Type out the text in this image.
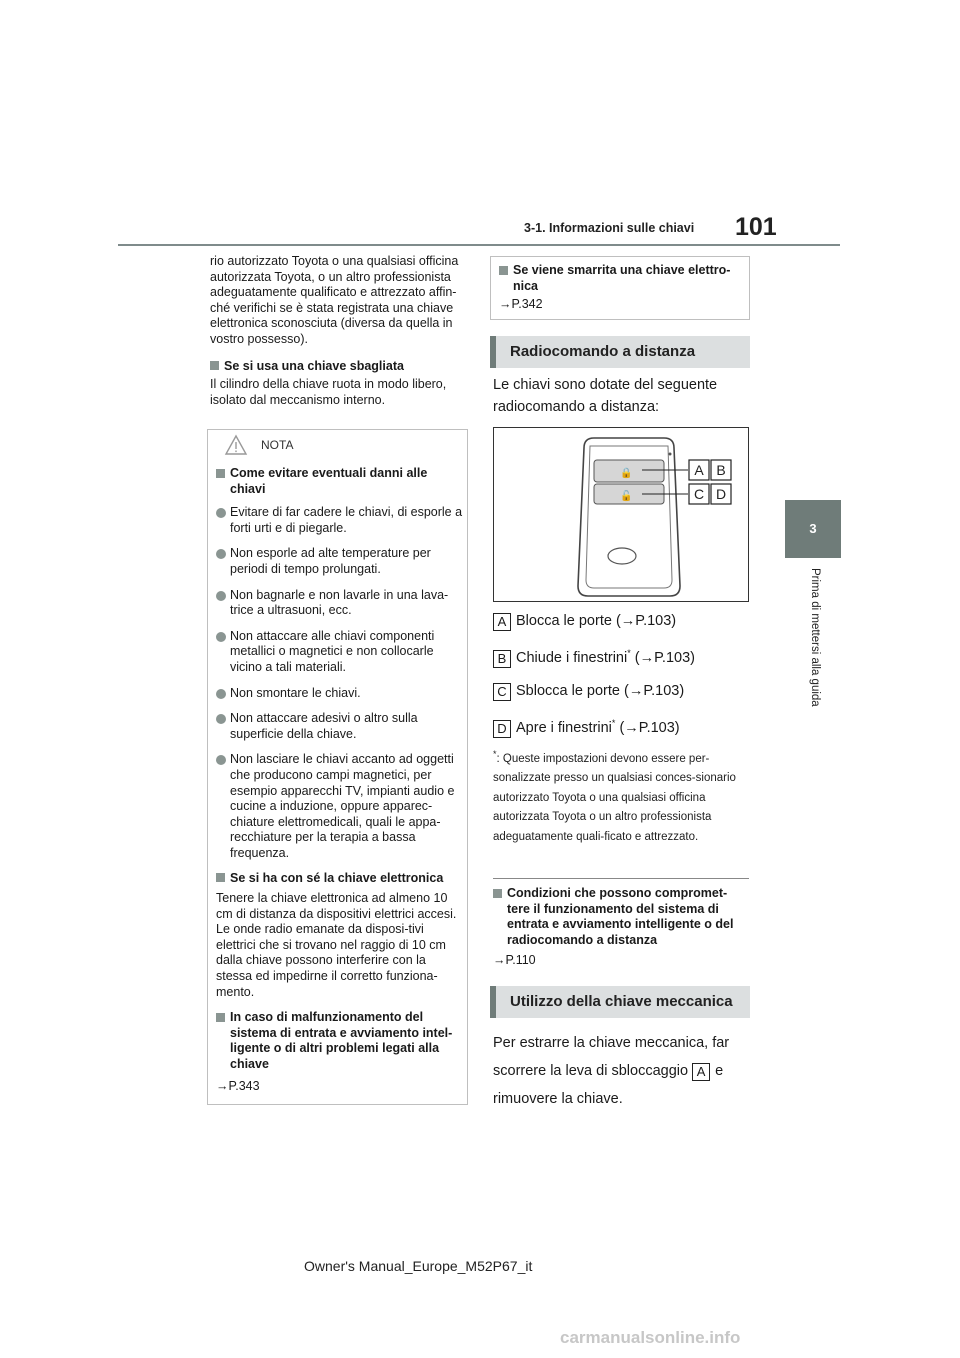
3-1. Informazioni sulle chiavi 101
3
Prima di mettersi alla guida
rio autorizzato Toyota o una qualsiasi officina autorizzata Toyota, o un altro professionista adeguatamente qualificato e attrezzato affin-ché verifichi se è stata registrata una chiave elettronica sconosciuta (diversa da quella in vostro possesso).
Se si usa una chiave sbagliata
Il cilindro della chiave ruota in modo libero, isolato dal meccanismo interno.
NOTA
Come evitare eventuali danni alle chiavi
Evitare di far cadere le chiavi, di esporle a forti urti e di piegarle.
Non esporle ad alte temperature per periodi di tempo prolungati.
Non bagnarle e non lavarle in una lava-trice a ultrasuoni, ecc.
Non attaccare alle chiavi componenti metallici o magnetici e non collocarle vicino a tali materiali.
Non smontare le chiavi.
Non attaccare adesivi o altro sulla superficie della chiave.
Non lasciare le chiavi accanto ad oggetti che producono campi magnetici, per esempio apparecchi TV, impianti audio e cucine a induzione, oppure apparec-chiature elettromedicali, quali le appa-recchiature per la terapia a bassa frequenza.
Se si ha con sé la chiave elettronica
Tenere la chiave elettronica ad almeno 10 cm di distanza da dispositivi elettrici accesi. Le onde radio emanate da disposi-tivi elettrici che si trovano nel raggio di 10 cm dalla chiave possono interferire con la stessa ed impedirne il corretto funziona-mento.
In caso di malfunzionamento del sistema di entrata e avviamento intel-ligente o di altri problemi legati alla chiave
→P.343
Se viene smarrita una chiave elettro-nica
→P.342
Radiocomando a distanza
Le chiavi sono dotate del seguente radiocomando a distanza:
🔒
🔓
A B
C D
A Blocca le porte (→P.103)
B Chiude i finestrini* (→P.103)
C Sblocca le porte (→P.103)
D Apre i finestrini* (→P.103)
*: Queste impostazioni devono essere per-sonalizzate presso un qualsiasi conces-sionario autorizzato Toyota o una qualsiasi officina autorizzata Toyota o un altro professionista adeguatamente quali-ficato e attrezzato.
Condizioni che possono compromet-tere il funzionamento del sistema di entrata e avviamento intelligente o del radiocomando a distanza
→P.110
Utilizzo della chiave meccanica
Per estrarre la chiave meccanica, far scorrere la leva di sbloccaggio A e rimuovere la chiave.
Owner's Manual_Europe_M52P67_it
carmanualsonline.info
